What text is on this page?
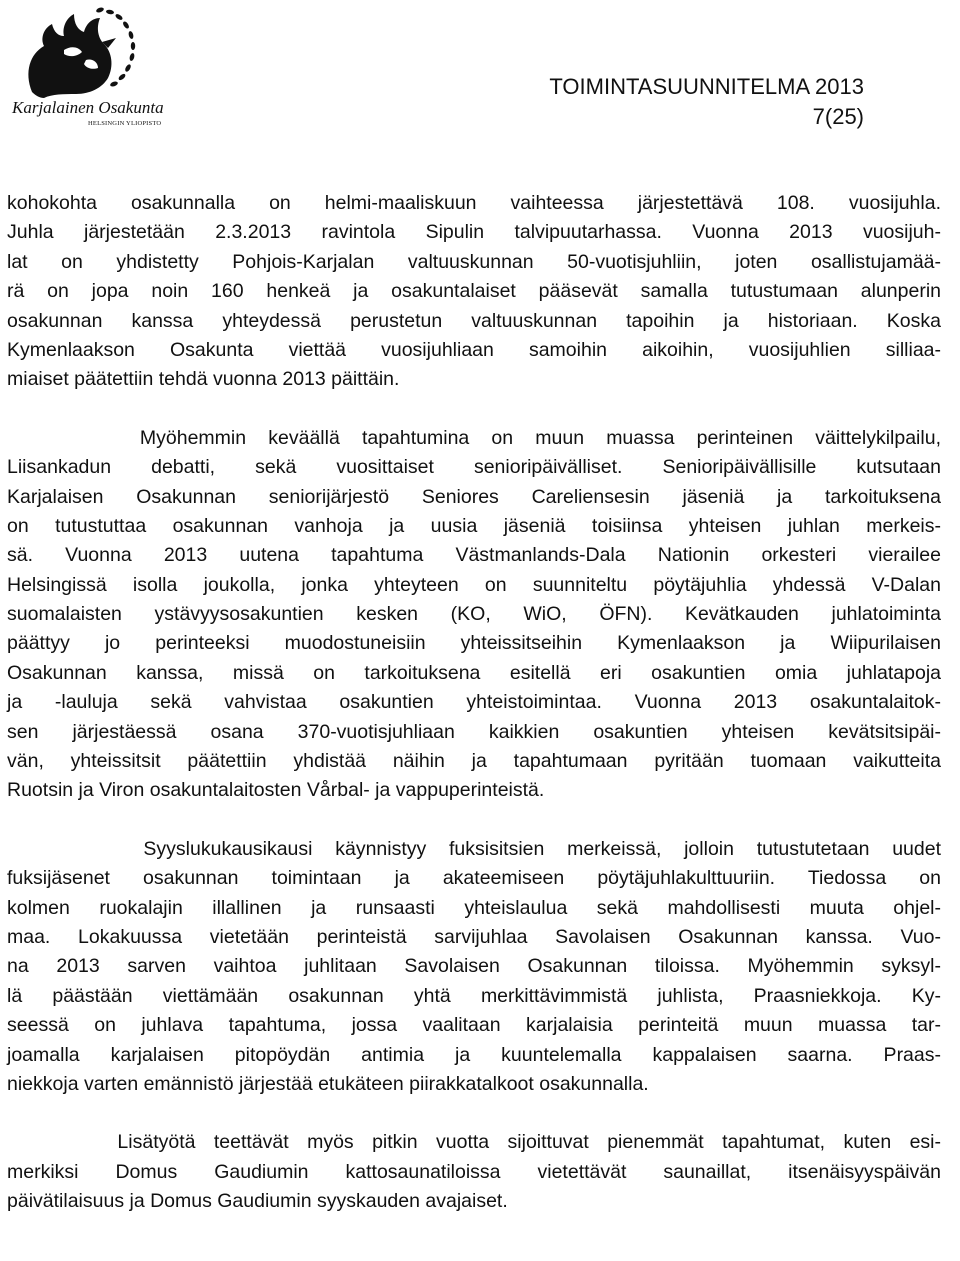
Karjalainen Osakunta
HELSINGIN YLIOPISTO
TOIMINTASUUNNITELMA 2013
7(25)

kohokohta osakunnalla on helmi-maaliskuun vaihteessa järjestettävä 108. vuosijuhla.
Juhla järjestetään 2.3.2013 ravintola Sipulin talvipuutarhassa. Vuonna 2013 vuosijuh-
lat on yhdistetty Pohjois-Karjalan valtuuskunnan 50-vuotisjuhliin, joten osallistujamää-
rä on jopa noin 160 henkeä ja osakuntalaiset pääsevät samalla tutustumaan alunperin
osakunnan kanssa yhteydessä perustetun valtuuskunnan tapoihin ja historiaan. Koska
Kymenlaakson Osakunta viettää vuosijuhliaan samoihin aikoihin, vuosijuhlien silliaa-
miaiset päätettiin tehdä vuonna 2013 päittäin.

Myöhemmin keväällä tapahtumina on muun muassa perinteinen väittelykilpailu,
Liisankadun debatti, sekä vuosittaiset senioripäivälliset. Senioripäivällisille kutsutaan
Karjalaisen Osakunnan seniorijärjestö Seniores Careliensesin jäseniä ja tarkoituksena
on tutustuttaa osakunnan vanhoja ja uusia jäseniä toisiinsa yhteisen juhlan merkeis-
sä. Vuonna 2013 uutena tapahtuma Västmanlands-Dala Nationin orkesteri vierailee
Helsingissä isolla joukolla, jonka yhteyteen on suunniteltu pöytäjuhlia yhdessä V-Dalan
suomalaisten ystävyysosakuntien kesken (KO, WiO, ÖFN). Kevätkauden juhlatoiminta
päättyy jo perinteeksi muodostuneisiin yhteissitseihin Kymenlaakson ja Wiipurilaisen
Osakunnan kanssa, missä on tarkoituksena esitellä eri osakuntien omia juhlatapoja
ja -lauluja sekä vahvistaa osakuntien yhteistoimintaa. Vuonna 2013 osakuntalaitok-
sen järjestäessä osana 370-vuotisjuhliaan kaikkien osakuntien yhteisen kevätsitsipäi-
vän, yhteissitsit päätettiin yhdistää näihin ja tapahtumaan pyritään tuomaan vaikutteita
Ruotsin ja Viron osakuntalaitosten Vårbal- ja vappuperinteistä.

Syyslukukausikausi käynnistyy fuksisitsien merkeissä, jolloin tutustutetaan uudet
fuksijäsenet osakunnan toimintaan ja akateemiseen pöytäjuhlakulttuuriin. Tiedossa on
kolmen ruokalajin illallinen ja runsaasti yhteislaulua sekä mahdollisesti muuta ohjel-
maa. Lokakuussa vietetään perinteistä sarvijuhlaa Savolaisen Osakunnan kanssa. Vuo-
na 2013 sarven vaihtoa juhlitaan Savolaisen Osakunnan tiloissa. Myöhemmin syksyl-
lä päästään viettämään osakunnan yhtä merkittävimmistä juhlista, Praasniekkoja. Ky-
seessä on juhlava tapahtuma, jossa vaalitaan karjalaisia perinteitä muun muassa tar-
joamalla karjalaisen pitopöydän antimia ja kuuntelemalla kappalaisen saarna. Praas-
niekkoja varten emännistö järjestää etukäteen piirakkatalkoot osakunnalla.

Lisätyötä teettävät myös pitkin vuotta sijoittuvat pienemmät tapahtumat, kuten esi-
merkiksi Domus Gaudiumin kattosaunatiloissa vietettävät saunaillat, itsenäisyyspäivän
päivätilaisuus ja Domus Gaudiumin syyskauden avajaiset.
